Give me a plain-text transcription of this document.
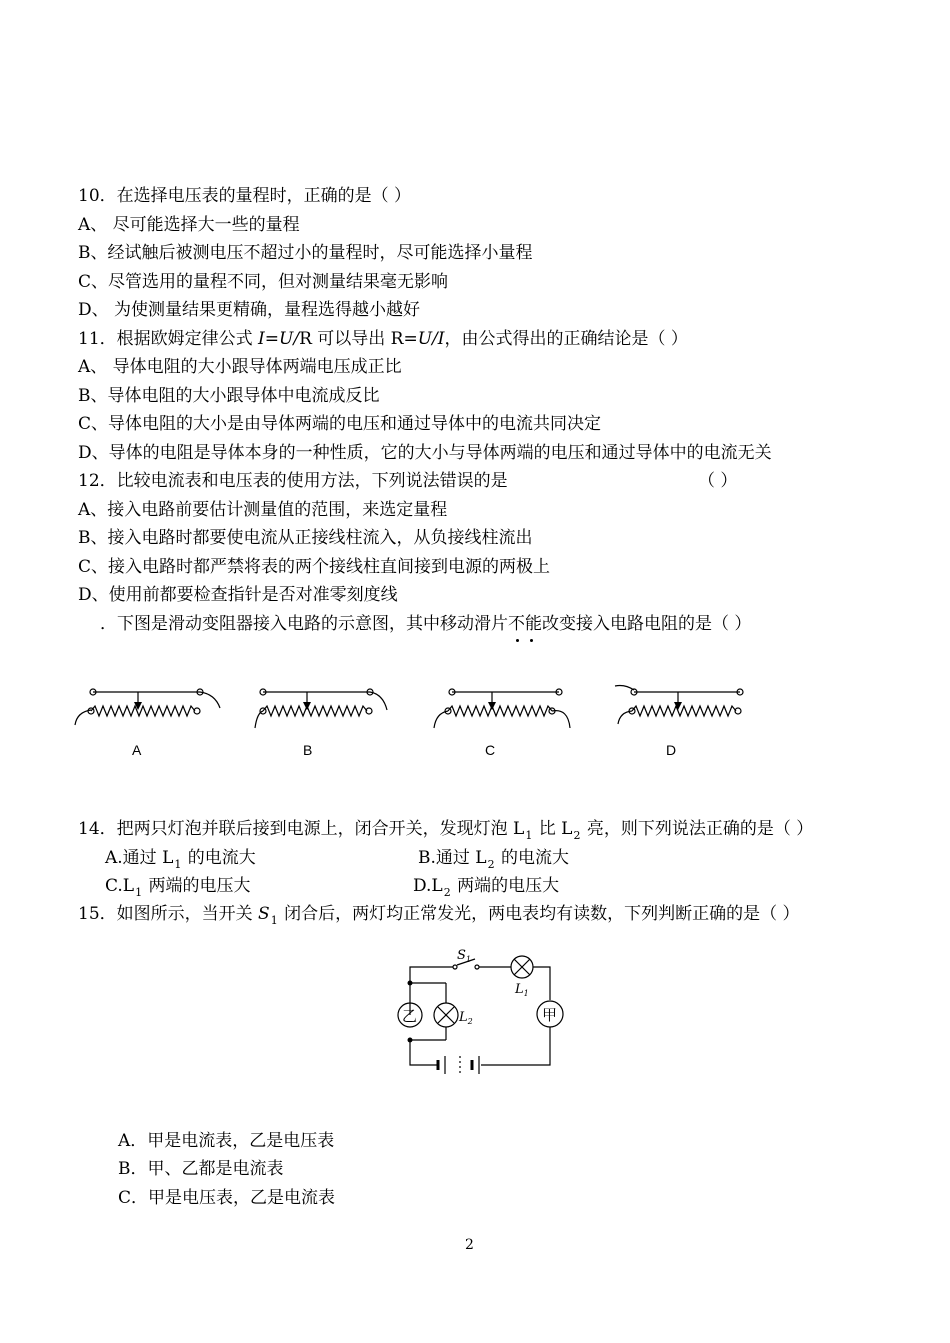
10．在选择电压表的量程时，正确的是（ ）
A、 尽可能选择大一些的量程
B、经试触后被测电压不超过小的量程时，尽可能选择小量程
C、尽管选用的量程不同，但对测量结果毫无影响
D、 为使测量结果更精确，量程选得越小越好
11．根据欧姆定律公式 I=U/R 可以导出 R=U/I，由公式得出的正确结论是（ ）
A、 导体电阻的大小跟导体两端电压成正比
B、导体电阻的大小跟导体中电流成反比
C、导体电阻的大小是由导体两端的电压和通过导体中的电流共同决定
D、导体的电阻是导体本身的一种性质，它的大小与导体两端的电压和通过导体中的电流无关
12．比较电流表和电压表的使用方法，下列说法错误的是	（ ）
A、接入电路前要估计测量值的范围，来选定量程
B、接入电路时都要使电流从正接线柱流入，从负接线柱流出
C、接入电路时都严禁将表的两个接线柱直间接到电源的两极上
D、使用前都要检查指针是否对准零刻度线
．下图是滑动变阻器接入电路的示意图，其中移动滑片不能
改变接入电路电阻的是（ ）
A	B	C	D
14．把两只灯泡并联后接到电源上，闭合开关，发现灯泡 $L_1$ 比 $L_2$ 亮，则下列说法正确的是（ ）
A.通过 $L_1$ 的电流大	B.通过 $L_2$ 的电流大
$C.L_1$ 两端的电压大	$D.L_2$ 两端的电压大
15．如图所示，当开关 $S_1$ 闭合后，两灯均正常发光，两电表均有读数，下列判断正确的是（ ）
乙	甲
$S_1$
$L_1$
$L_2$
A．甲是电流表，乙是电压表
B．甲、乙都是电流表
C．甲是电压表，乙是电流表
2
